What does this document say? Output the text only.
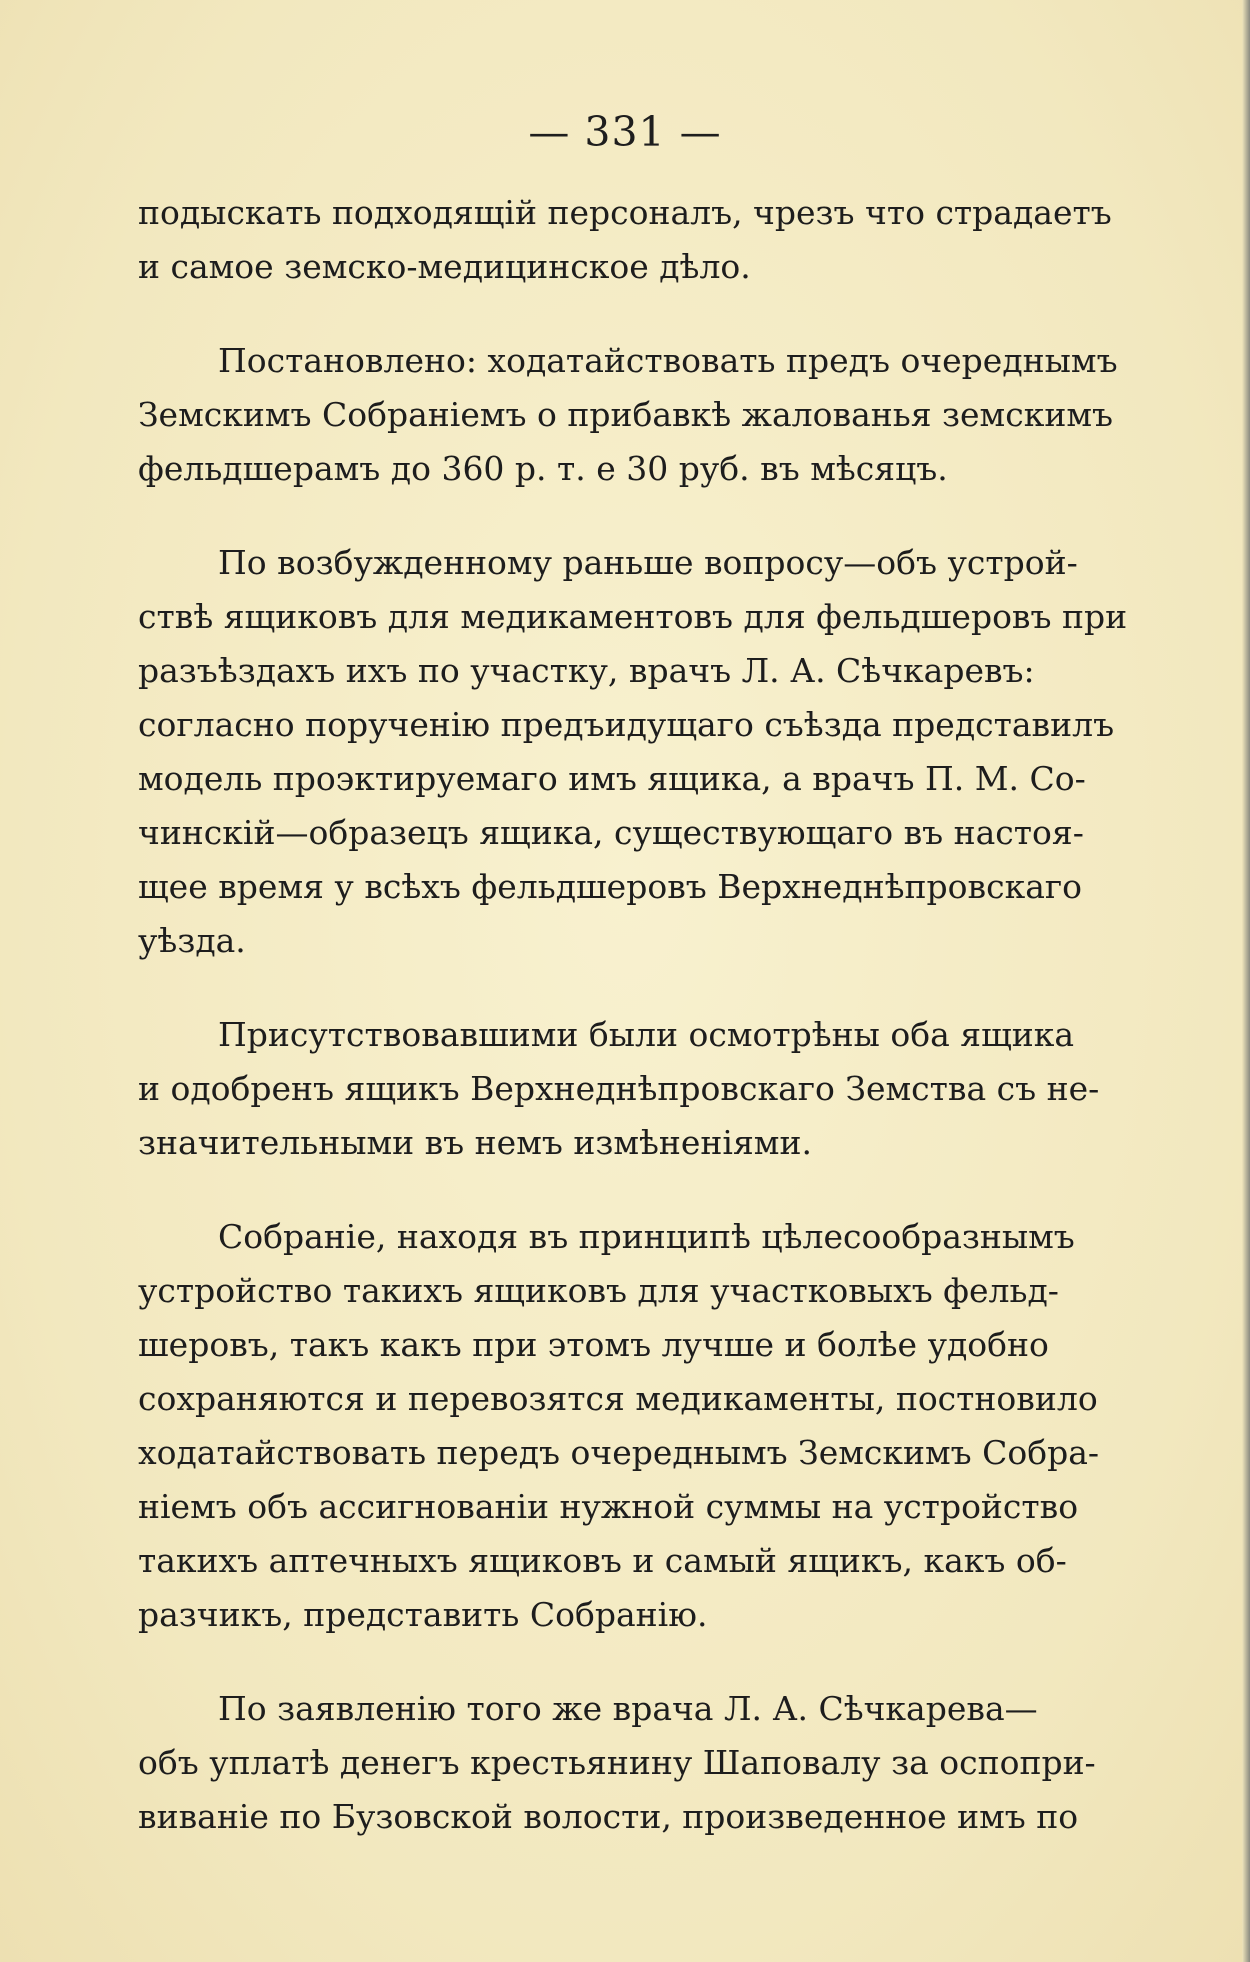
— 331 —

подыскать подходящій персоналъ, чрезъ что страдаетъ
и самое земско-медицинское дѣло.

Постановлено: ходатайствовать предъ очереднымъ
Земскимъ Собраніемъ о прибавкѣ жалованья земскимъ
фельдшерамъ до 360 р. т. е 30 руб. въ мѣсяцъ.

По возбужденному раньше вопросу—объ устрой-
ствѣ ящиковъ для медикаментовъ для фельдшеровъ при
разъѣздахъ ихъ по участку, врачъ Л. А. Сѣчкаревъ:
согласно порученію предъидущаго съѣзда представилъ
модель проэктируемаго имъ ящика, а врачъ П. М. Со-
чинскій—образецъ ящика, существующаго въ настоя-
щее время у всѣхъ фельдшеровъ Верхнеднѣпровскаго
уѣзда.

Присутствовавшими были осмотрѣны оба ящика
и одобренъ ящикъ Верхнеднѣпровскаго Земства съ не-
значительными въ немъ измѣненіями.

Собраніе, находя въ принципѣ цѣлесообразнымъ
устройство такихъ ящиковъ для участковыхъ фельд-
шеровъ, такъ какъ при этомъ лучше и болѣе удобно
сохраняются и перевозятся медикаменты, постновило
ходатайствовать передъ очереднымъ Земскимъ Собра-
ніемъ объ ассигнованіи нужной суммы на устройство
такихъ аптечныхъ ящиковъ и самый ящикъ, какъ об-
разчикъ, представить Собранію.

По заявленію того же врача Л. А. Сѣчкарева—
объ уплатѣ денегъ крестьянину Шаповалу за оспопри-
виваніе по Бузовской волости, произведенное имъ по
